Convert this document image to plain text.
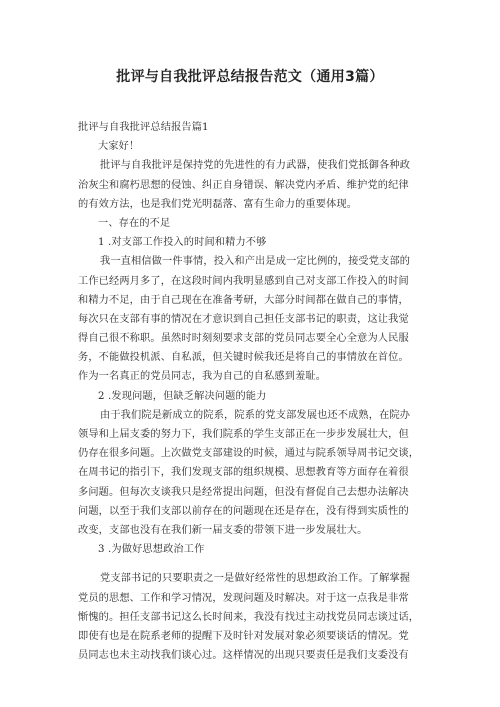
批评与自我批评总结报告范文（通用3篇）
批评与自我批评总结报告篇1
大家好！
批评与自我批评是保持党的先进性的有力武器，使我们党抵御各种政
治灰尘和腐朽思想的侵蚀、纠正自身错误、解决党内矛盾、维护党的纪律
的有效方法，也是我们党光明磊落、富有生命力的重要体现。
一、存在的不足
1 .对支部工作投入的时间和精力不够
我一直相信做一件事情，投入和产出是成一定比例的，接受党支部的
工作已经两月多了，在这段时间内我明显感到自己对支部工作投入的时间
和精力不足，由于自己现在在准备考研，大部分时间都在做自己的事情，
每次只在支部有事的情况在才意识到自己担任支部书记的职责，这让我觉
得自己很不称职。虽然时时刻刻要求支部的党员同志要全心全意为人民服
务，不能做投机派、自私派，但关键时候我还是将自己的事情放在首位。
作为一名真正的党员同志，我为自己的自私感到羞耻。
2 .发现问题，但缺乏解决问题的能力
由于我们院是新成立的院系，院系的党支部发展也还不成熟，在院办
领导和上届支委的努力下，我们院系的学生支部正在一步步发展壮大，但
仍存在很多问题。上次做党支部建设的时候，通过与院系领导周书记交谈，
在周书记的指引下，我们发现支部的组织规模、思想教育等方面存在着很
多问题。但每次支谈我只是经常提出问题，但没有督促自己去想办法解决
问题，以至于我们支部以前存在的问题现在还是存在，没有得到实质性的
改变，支部也没有在我们新一届支委的带领下进一步发展壮大。
3 .为做好思想政治工作
党支部书记的只要职责之一是做好经常性的思想政治工作。了解掌握
党员的思想、工作和学习情况，发现问题及时解决。对于这一点我是非常
惭愧的。担任支部书记这么长时间来，我没有找过主动找党员同志谈过话，
即使有也是在院系老师的提醒下及时针对发展对象必须要谈话的情况。党
员同志也未主动找我们谈心过。这样情况的出现只要责任是我们支委没有
